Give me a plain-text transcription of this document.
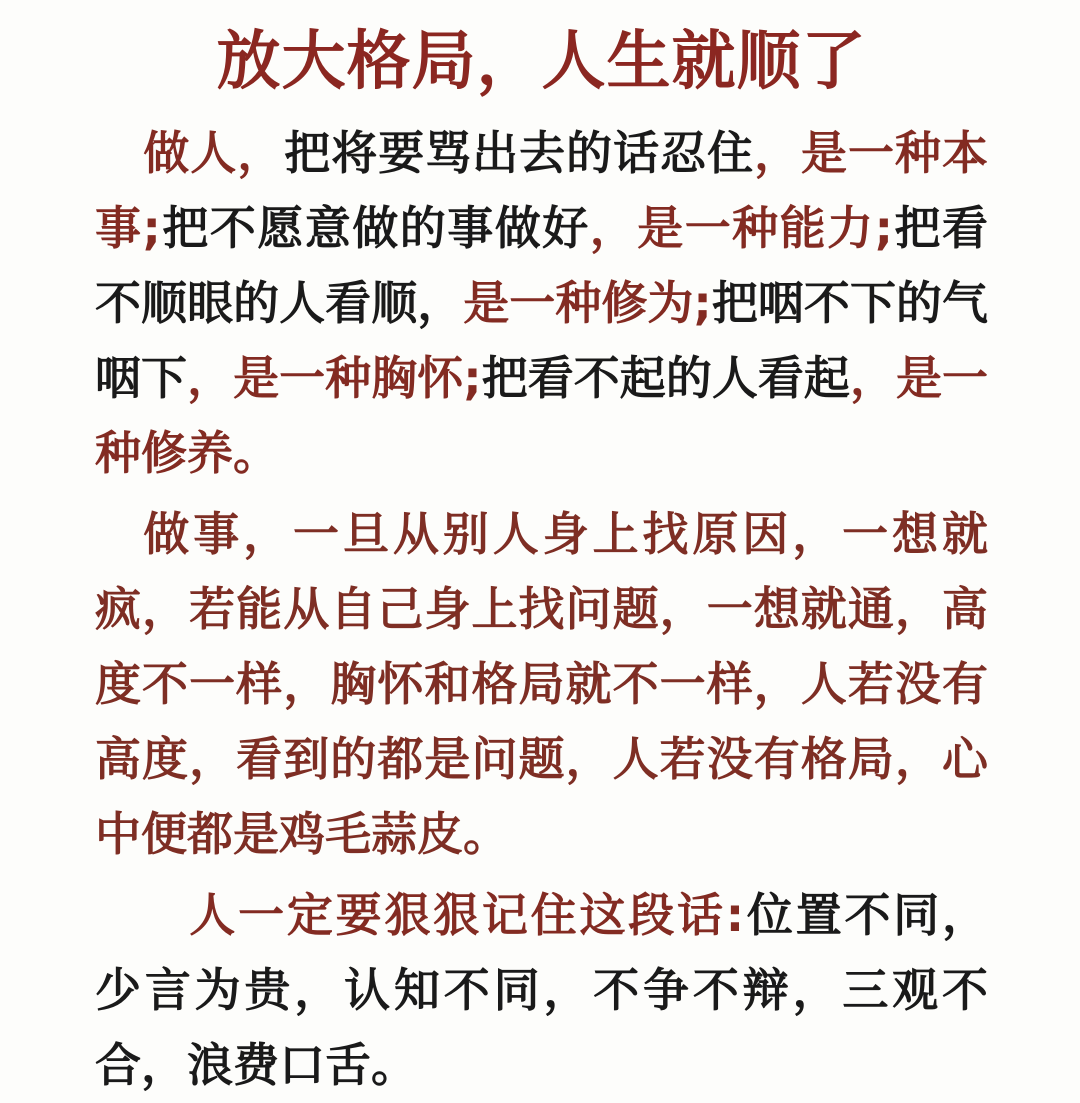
放大格局，人生就顺了

做人，把将要骂出去的话忍住，是一种本事;把不愿意做的事做好，是一种能力;把看不顺眼的人看顺，是一种修为;把咽不下的气咽下，是一种胸怀;把看不起的人看起，是一种修养。

做事，一旦从别人身上找原因，一想就疯，若能从自己身上找问题，一想就通，高度不一样，胸怀和格局就不一样，人若没有高度，看到的都是问题，人若没有格局，心中便都是鸡毛蒜皮。

人一定要狠狠记住这段话:位置不同，少言为贵，认知不同，不争不辩，三观不合，浪费口舌。
